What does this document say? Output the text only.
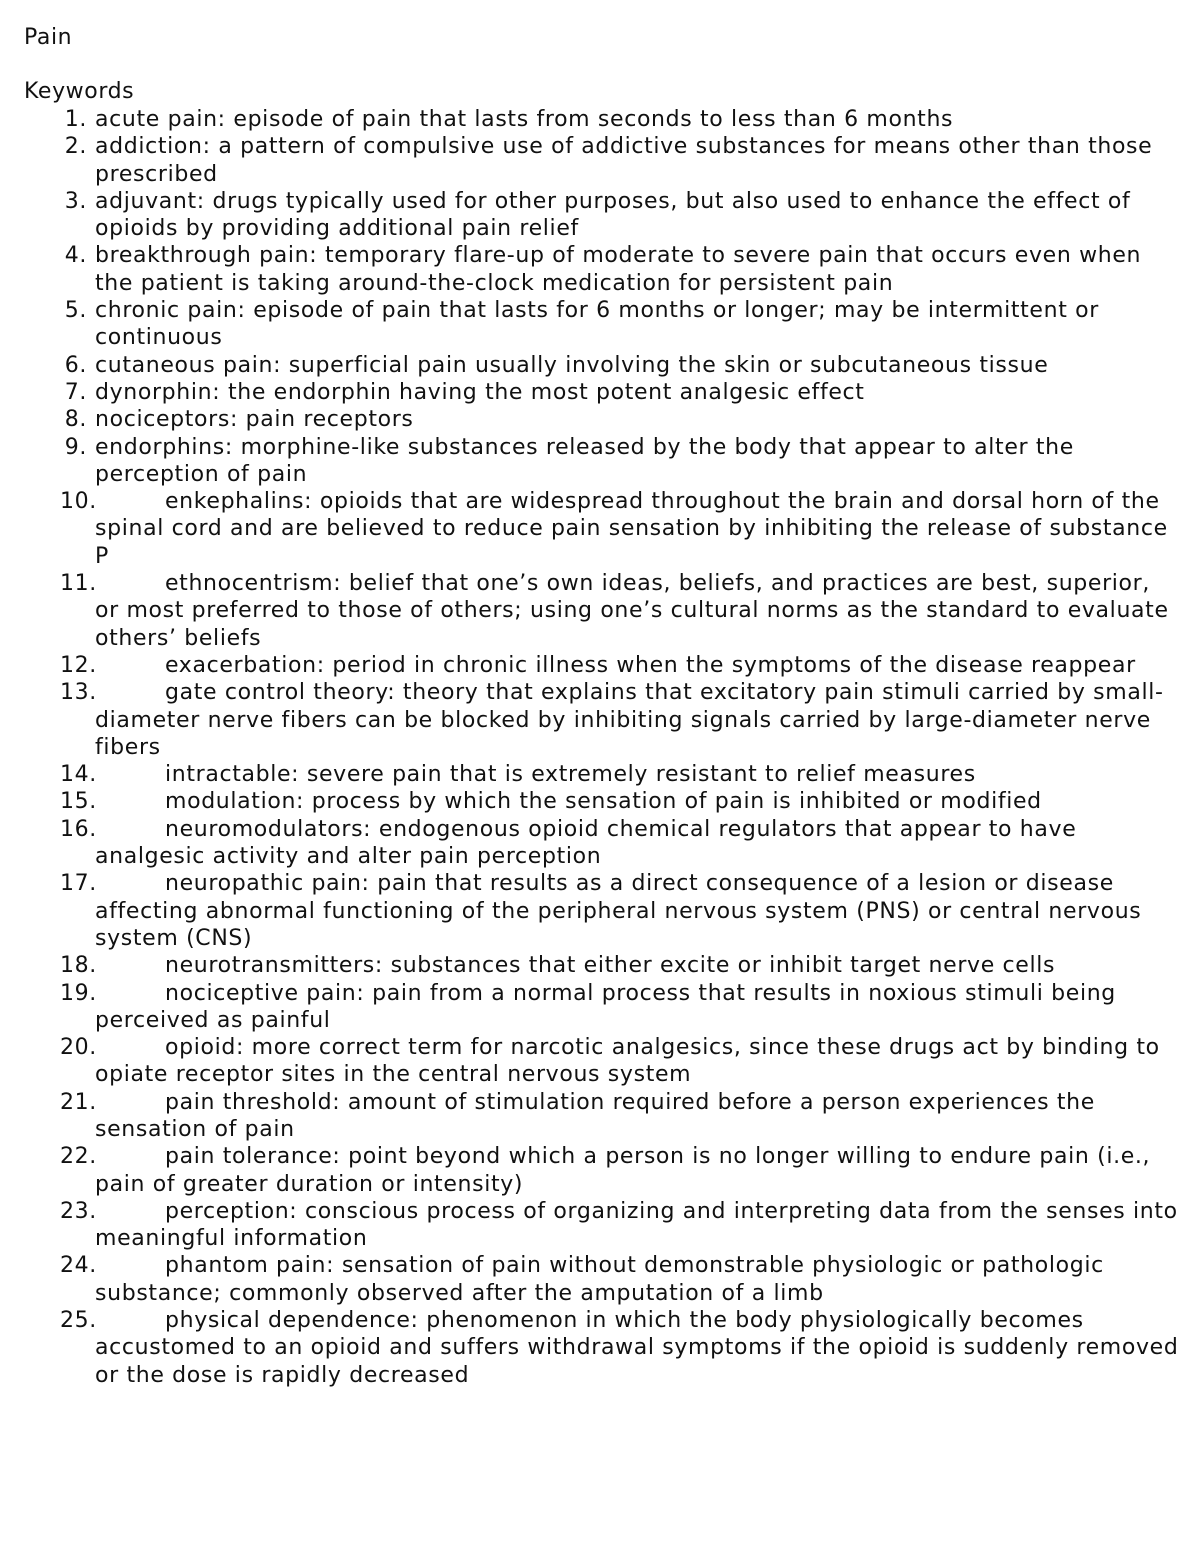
Pain
Keywords
1. acute pain: episode of pain that lasts from seconds to less than 6 months
2. addiction: a pattern of compulsive use of addictive substances for means other than those prescribed
3. adjuvant: drugs typically used for other purposes, but also used to enhance the effect of opioids by providing additional pain relief
4. breakthrough pain: temporary flare-up of moderate to severe pain that occurs even when the patient is taking around-the-clock medication for persistent pain
5. chronic pain: episode of pain that lasts for 6 months or longer; may be intermittent or continuous
6. cutaneous pain: superficial pain usually involving the skin or subcutaneous tissue
7. dynorphin: the endorphin having the most potent analgesic effect
8. nociceptors: pain receptors
9. endorphins: morphine-like substances released by the body that appear to alter the perception of pain
10.	enkephalins: opioids that are widespread throughout the brain and dorsal horn of the spinal cord and are believed to reduce pain sensation by inhibiting the release of substance P
11.	ethnocentrism: belief that one’s own ideas, beliefs, and practices are best, superior, or most preferred to those of others; using one’s cultural norms as the standard to evaluate others’ beliefs
12.	exacerbation: period in chronic illness when the symptoms of the disease reappear
13.	gate control theory: theory that explains that excitatory pain stimuli carried by small-diameter nerve fibers can be blocked by inhibiting signals carried by large-diameter nerve fibers
14.	intractable: severe pain that is extremely resistant to relief measures
15.	modulation: process by which the sensation of pain is inhibited or modified
16.	neuromodulators: endogenous opioid chemical regulators that appear to have analgesic activity and alter pain perception
17.	neuropathic pain: pain that results as a direct consequence of a lesion or disease affecting abnormal functioning of the peripheral nervous system (PNS) or central nervous system (CNS)
18.	neurotransmitters: substances that either excite or inhibit target nerve cells
19.	nociceptive pain: pain from a normal process that results in noxious stimuli being perceived as painful
20.	opioid: more correct term for narcotic analgesics, since these drugs act by binding to opiate receptor sites in the central nervous system
21.	pain threshold: amount of stimulation required before a person experiences the sensation of pain
22.	pain tolerance: point beyond which a person is no longer willing to endure pain (i.e., pain of greater duration or intensity)
23.	perception: conscious process of organizing and interpreting data from the senses into meaningful information
24.	phantom pain: sensation of pain without demonstrable physiologic or pathologic substance; commonly observed after the amputation of a limb
25.	physical dependence: phenomenon in which the body physiologically becomes accustomed to an opioid and suffers withdrawal symptoms if the opioid is suddenly removed or the dose is rapidly decreased
